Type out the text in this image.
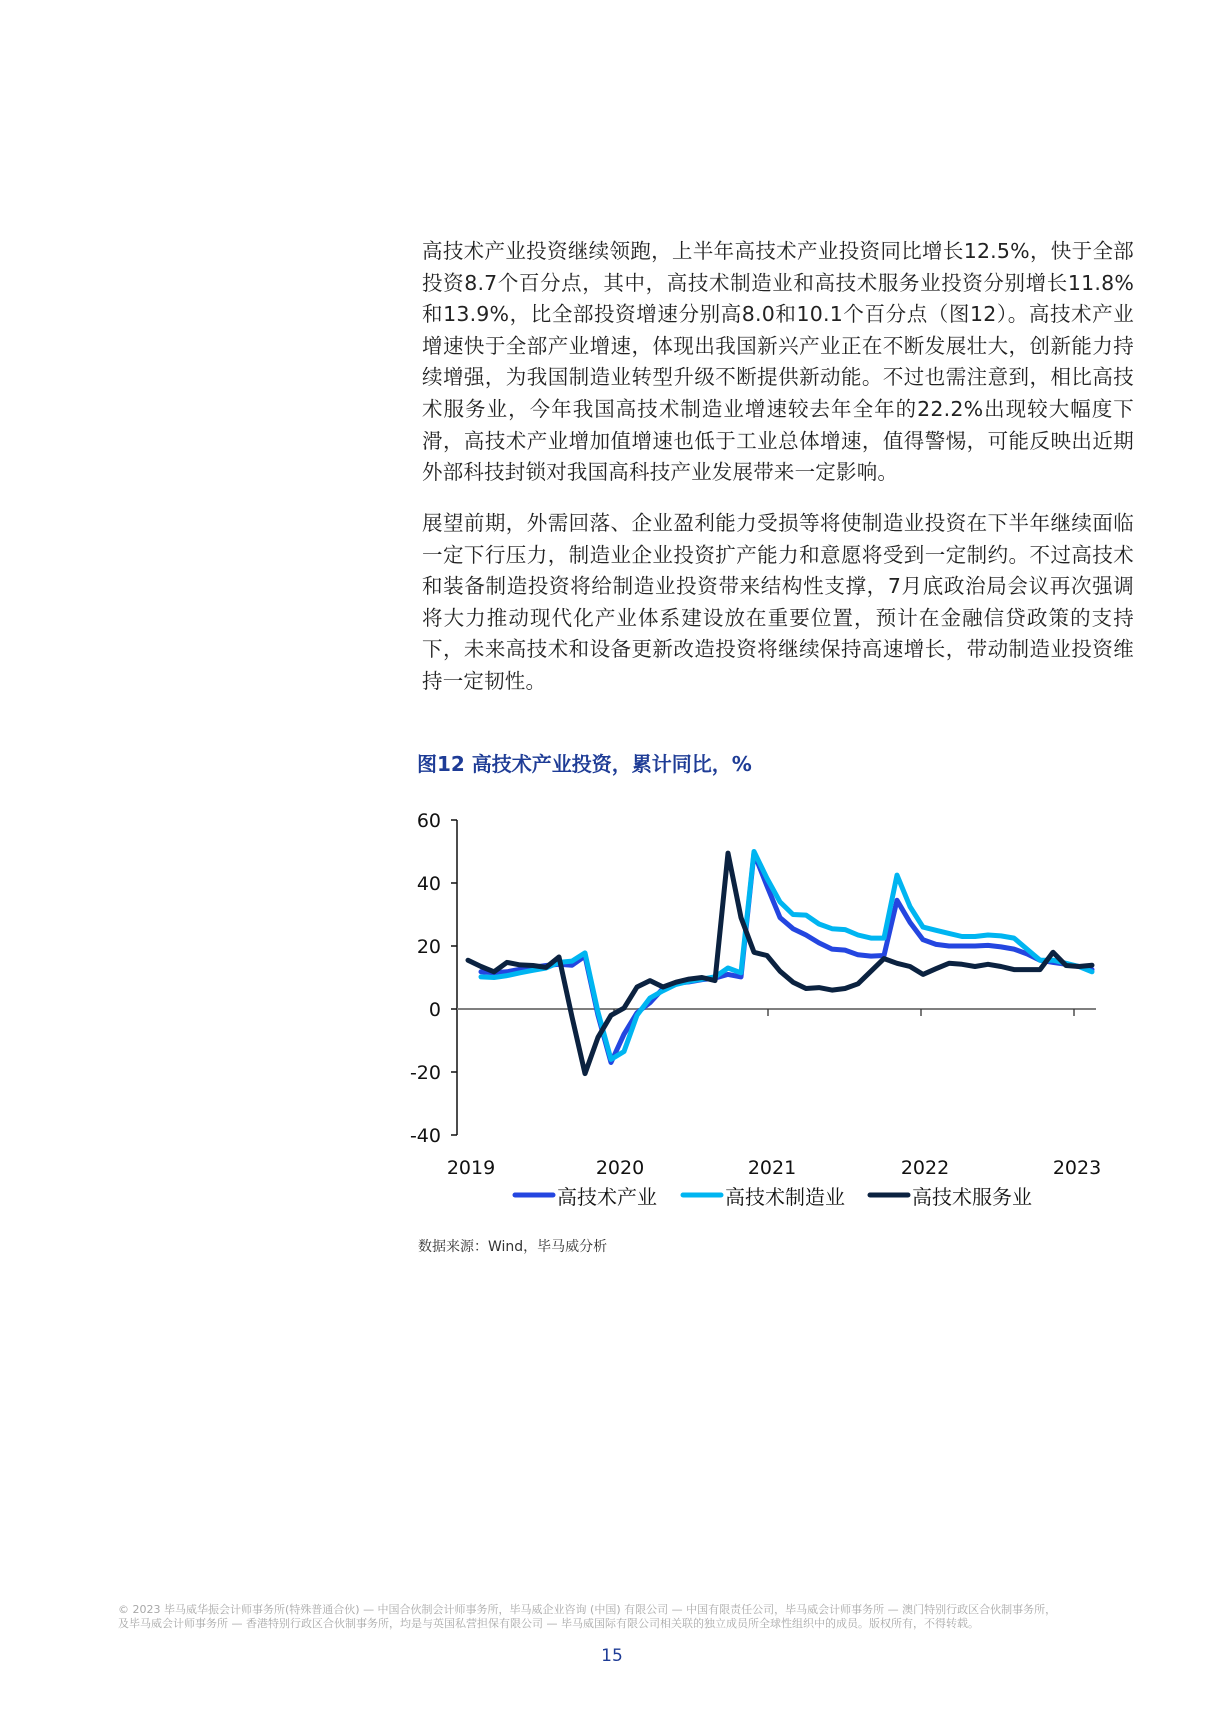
高技术产业投资继续领跑，上半年高技术产业投资同比增长12.5%，快于全部投资8.7个百分点，其中，高技术制造业和高技术服务业投资分别增长11.8%和13.9%，比全部投资增速分别高8.0和10.1个百分点（图12）。高技术产业增速快于全部产业增速，体现出我国新兴产业正在不断发展壮大，创新能力持续增强，为我国制造业转型升级不断提供新动能。不过也需注意到，相比高技术服务业，今年我国高技术制造业增速较去年全年的22.2%出现较大幅度下滑，高技术产业增加值增速也低于工业总体增速，值得警惕，可能反映出近期外部科技封锁对我国高科技产业发展带来一定影响。
展望前期，外需回落、企业盈利能力受损等将使制造业投资在下半年继续面临一定下行压力，制造业企业投资扩产能力和意愿将受到一定制约。不过高技术和装备制造投资将给制造业投资带来结构性支撑，7月底政治局会议再次强调将大力推动现代化产业体系建设放在重要位置，预计在金融信贷政策的支持下，未来高技术和设备更新改造投资将继续保持高速增长，带动制造业投资维持一定韧性。
图12 高技术产业投资，累计同比，%
60
40
20
0
-20
-40
2019	2020	2021	2022	2023
高技术产业	高技术制造业	高技术服务业
数据来源：Wind，毕马威分析
© 2023 毕马威华振会计师事务所(特殊普通合伙) — 中国合伙制会计师事务所，毕马威企业咨询 (中国) 有限公司 — 中国有限责任公司，毕马威会计师事务所 — 澳门特别行政区合伙制事务所，
及毕马威会计师事务所 — 香港特别行政区合伙制事务所，均是与英国私营担保有限公司 — 毕马威国际有限公司相关联的独立成员所全球性组织中的成员。版权所有，不得转载。
15
